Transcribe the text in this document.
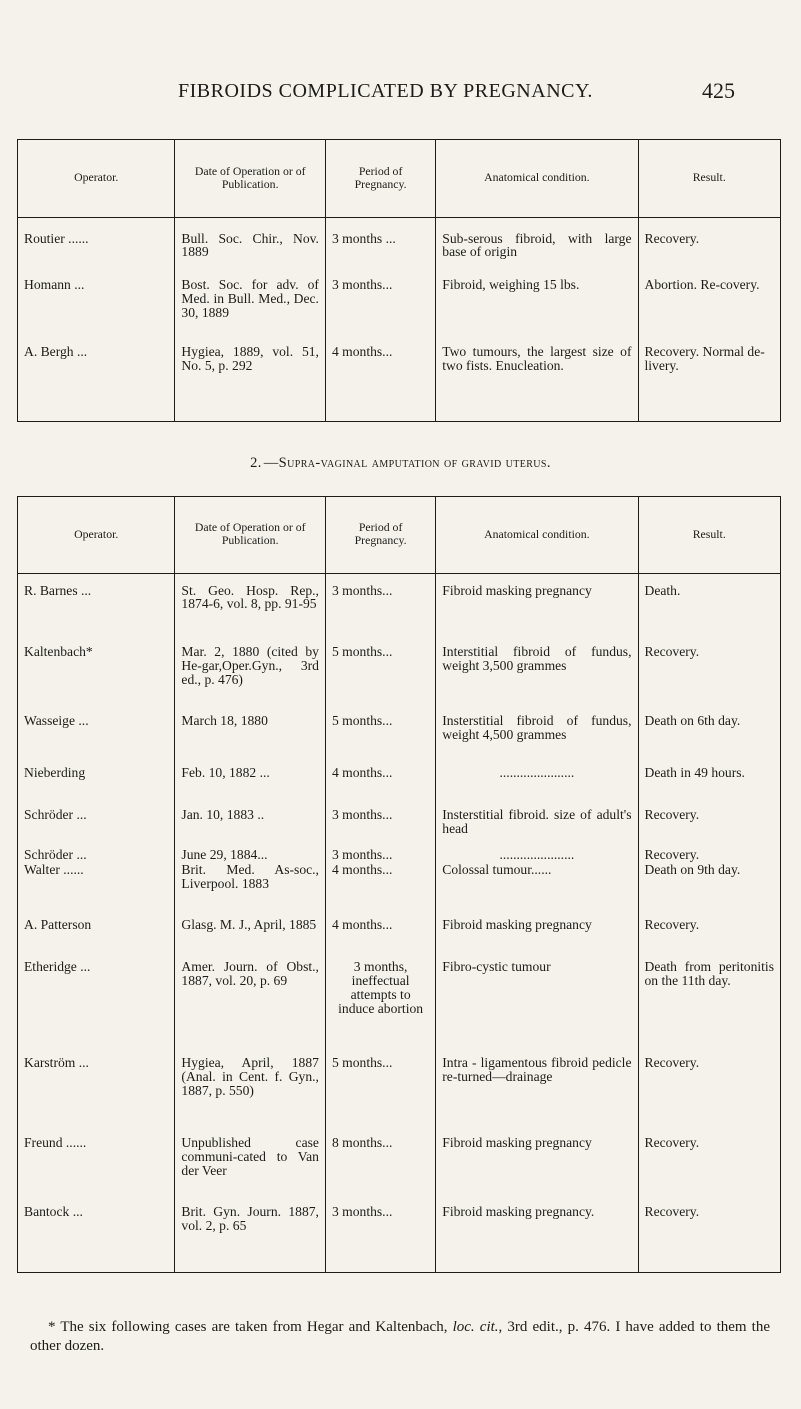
FIBROIDS COMPLICATED BY PREGNANCY.	425
Operator.	Date of Operation or of Publication.	Period of Pregnancy.	Anatomical condition.	Result.
Routier ......	Bull. Soc. Chir., Nov. 1889	3 months ...	Sub-serous fibroid, with large base of origin	Recovery.
Homann ...	Bost. Soc. for adv. of Med. in Bull. Med., Dec. 30, 1889	3 months...	Fibroid, weighing 15 lbs.	Abortion. Re-covery.
A. Bergh ...	Hygiea, 1889, vol. 51, No. 5, p. 292	4 months...	Two tumours, the largest size of two fists. Enucleation.	Recovery. Normal de-livery.
2. —Supra-vaginal amputation of gravid uterus.
Operator.	Date of Operation or of Publication.	Period of Pregnancy.	Anatomical condition.	Result.
R. Barnes ...	St. Geo. Hosp. Rep., 1874-6, vol. 8, pp. 91-95	3 months...	Fibroid masking pregnancy	Death.
Kaltenbach*	Mar. 2, 1880 (cited by He-gar,Oper.Gyn., 3rd ed., p. 476)	5 months...	Interstitial fibroid of fundus, weight 3,500 grammes	Recovery.
Wasseige ...	March 18, 1880	5 months...	Insterstitial fibroid of fundus, weight 4,500 grammes	Death on 6th day.
Nieberding	Feb. 10, 1882 ...	4 months...	......................	Death in 49 hours.
Schröder ...	Jan. 10, 1883 ..	3 months...	Insterstitial fibroid. size of adult's head	Recovery.
Schröder ...	June 29, 1884...	3 months...	......................	Recovery.
Walter ......	Brit. Med. As-soc., Liverpool. 1883	4 months...	Colossal tumour......	Death on 9th day.
A. Patterson	Glasg. M. J., April, 1885	4 months...	Fibroid masking pregnancy	Recovery.
Etheridge ...	Amer. Journ. of Obst., 1887, vol. 20, p. 69	3 months, ineffectual attempts to induce abortion	Fibro-cystic tumour	Death from peritonitis on the 11th day.
Karström ...	Hygiea, April, 1887 (Anal. in Cent. f. Gyn., 1887, p. 550)	5 months...	Intra - ligamentous fibroid pedicle re-turned—drainage	Recovery.
Freund ......	Unpublished case communi-cated to Van der Veer	8 months...	Fibroid masking pregnancy	Recovery.
Bantock ...	Brit. Gyn. Journ. 1887, vol. 2, p. 65	3 months...	Fibroid masking pregnancy.	Recovery.
* The six following cases are taken from Hegar and Kaltenbach, loc. cit., 3rd edit., p. 476. I have added to them the other dozen.
